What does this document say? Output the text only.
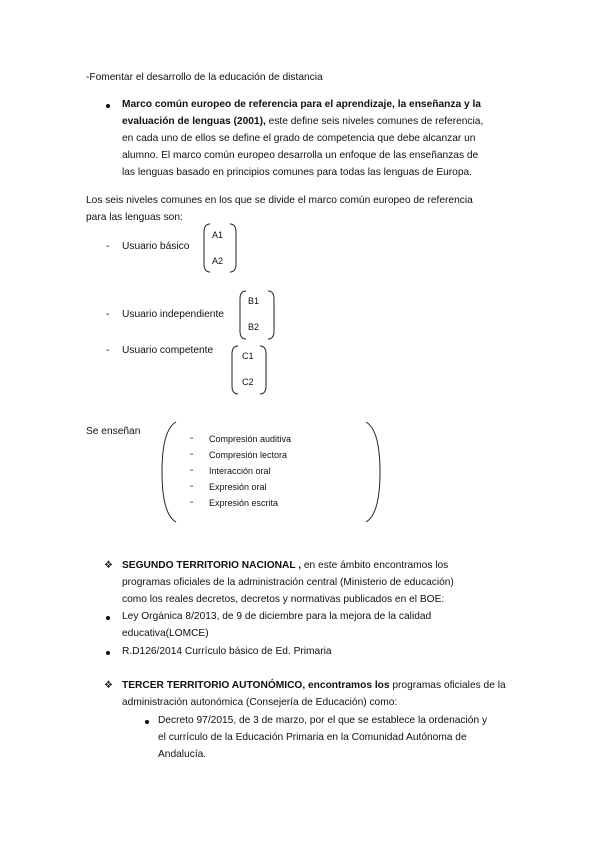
-Fomentar el desarrollo de la educación de distancia
Marco común europeo de referencia para el aprendizaje, la enseñanza y la
evaluación de lenguas (2001), este define seis niveles comunes de referencia,
en cada uno de ellos se define el grado de competencia que debe alcanzar un
alumno. El marco común europeo desarrolla un enfoque de las enseñanzas de
las lenguas basado en principios comunes para todas las lenguas de Europa.
Los seis niveles comunes en los que se divide el marco común europeo de referencia
para las lenguas son:
- Usuario básico
A1
A2
- Usuario independiente
B1
B2
- Usuario competente	C1
C2
Se enseñan
- Compresión auditiva
- Compresión lectora
- Interacción oral
- Expresión oral
- Expresión escrita
❖ SEGUNDO TERRITORIO NACIONAL , en este ámbito encontramos los
programas oficiales de la administración central (Ministerio de educación)
como los reales decretos, decretos y normativas publicados en el BOE:
Ley Orgánica 8/2013, de 9 de diciembre para la mejora de la calidad
educativa(LOMCE)
R.D126/2014 Currículo básico de Ed. Primaria
❖ TERCER TERRITORIO AUTONÓMICO, encontramos los programas oficiales de la
administración autonómica (Consejería de Educación) como:
Decreto 97/2015, de 3 de marzo, por el que se establece la ordenación y
el currículo de la Educación Primaria en la Comunidad Autónoma de
Andalucía.
